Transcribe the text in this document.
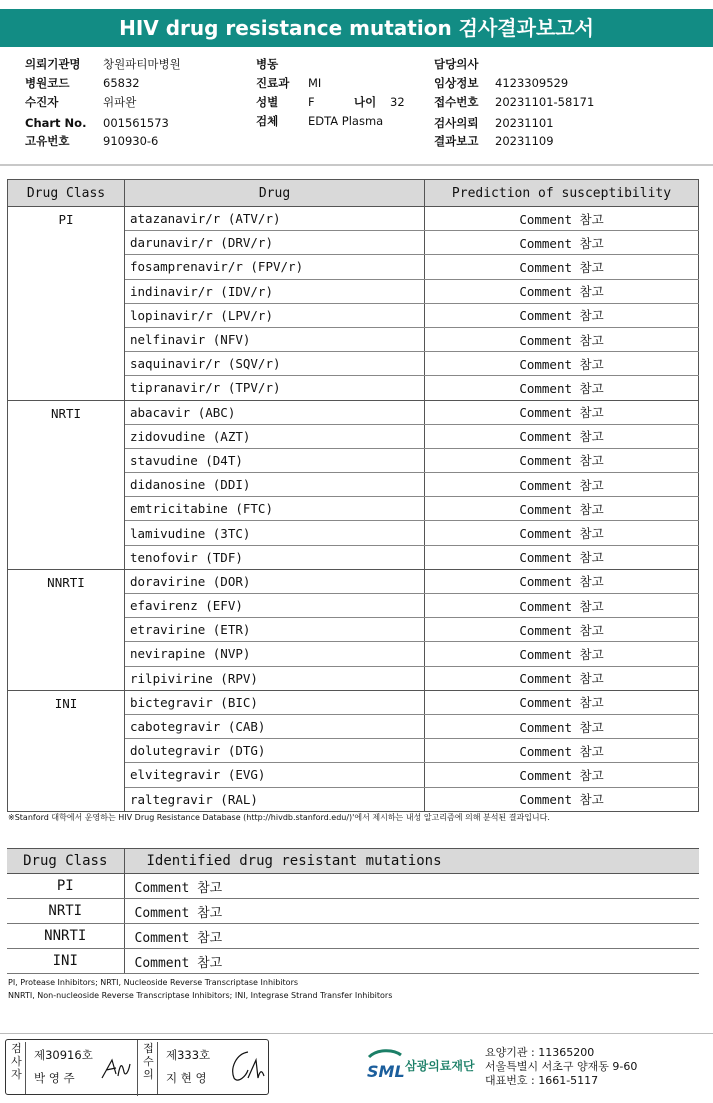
HIV drug resistance mutation 검사결과보고서
의뢰기관명 창원파티마병원
병원코드	65832
수진자	위파완
Chart No. 001561573
고유번호	910930-6
병동
진료과 MI
성별	F	나이 32
검체	EDTA Plasma
담당의사
임상정보 4123309529
접수번호 20231101-58171
검사의뢰 20231101
결과보고 20231109
Drug Class	Drug	Prediction of susceptibility
PI	atazanavir/r (ATV/r)	Comment 참고
	darunavir/r (DRV/r)	Comment 참고
	fosamprenavir/r (FPV/r)	Comment 참고
	indinavir/r (IDV/r)	Comment 참고
	lopinavir/r (LPV/r)	Comment 참고
	nelfinavir (NFV)	Comment 참고
	saquinavir/r (SQV/r)	Comment 참고
	tipranavir/r (TPV/r)	Comment 참고
NRTI	abacavir (ABC)	Comment 참고
	zidovudine (AZT)	Comment 참고
	stavudine (D4T)	Comment 참고
	didanosine (DDI)	Comment 참고
	emtricitabine (FTC)	Comment 참고
	lamivudine (3TC)	Comment 참고
	tenofovir (TDF)	Comment 참고
NNRTI	doravirine (DOR)	Comment 참고
	efavirenz (EFV)	Comment 참고
	etravirine (ETR)	Comment 참고
	nevirapine (NVP)	Comment 참고
	rilpivirine (RPV)	Comment 참고
INI	bictegravir (BIC)	Comment 참고
	cabotegravir (CAB)	Comment 참고
	dolutegravir (DTG)	Comment 참고
	elvitegravir (EVG)	Comment 참고
	raltegravir (RAL)	Comment 참고
※Stanford 대학에서 운영하는 HIV Drug Resistance Database (http://hivdb.stanford.edu/)'에서 제시하는 내성 알고리즘에 의해 분석된 결과입니다.
Drug Class	Identified drug resistant mutations
PI	Comment 참고
NRTI	Comment 참고
NNRTI	Comment 참고
INI	Comment 참고
PI, Protease Inhibitors; NRTI, Nucleoside Reverse Transcriptase Inhibitors
NNRTI, Non-nucleoside Reverse Transcriptase Inhibitors; INI, Integrase Strand Transfer Inhibitors
검
사
자
제30916호
박 영 주
접
수
의
제333호
지 현 영	SML 삼광의료재단
요양기관 : 11365200
서울특별시 서초구 양재동 9-60
대표번호 : 1661-5117
